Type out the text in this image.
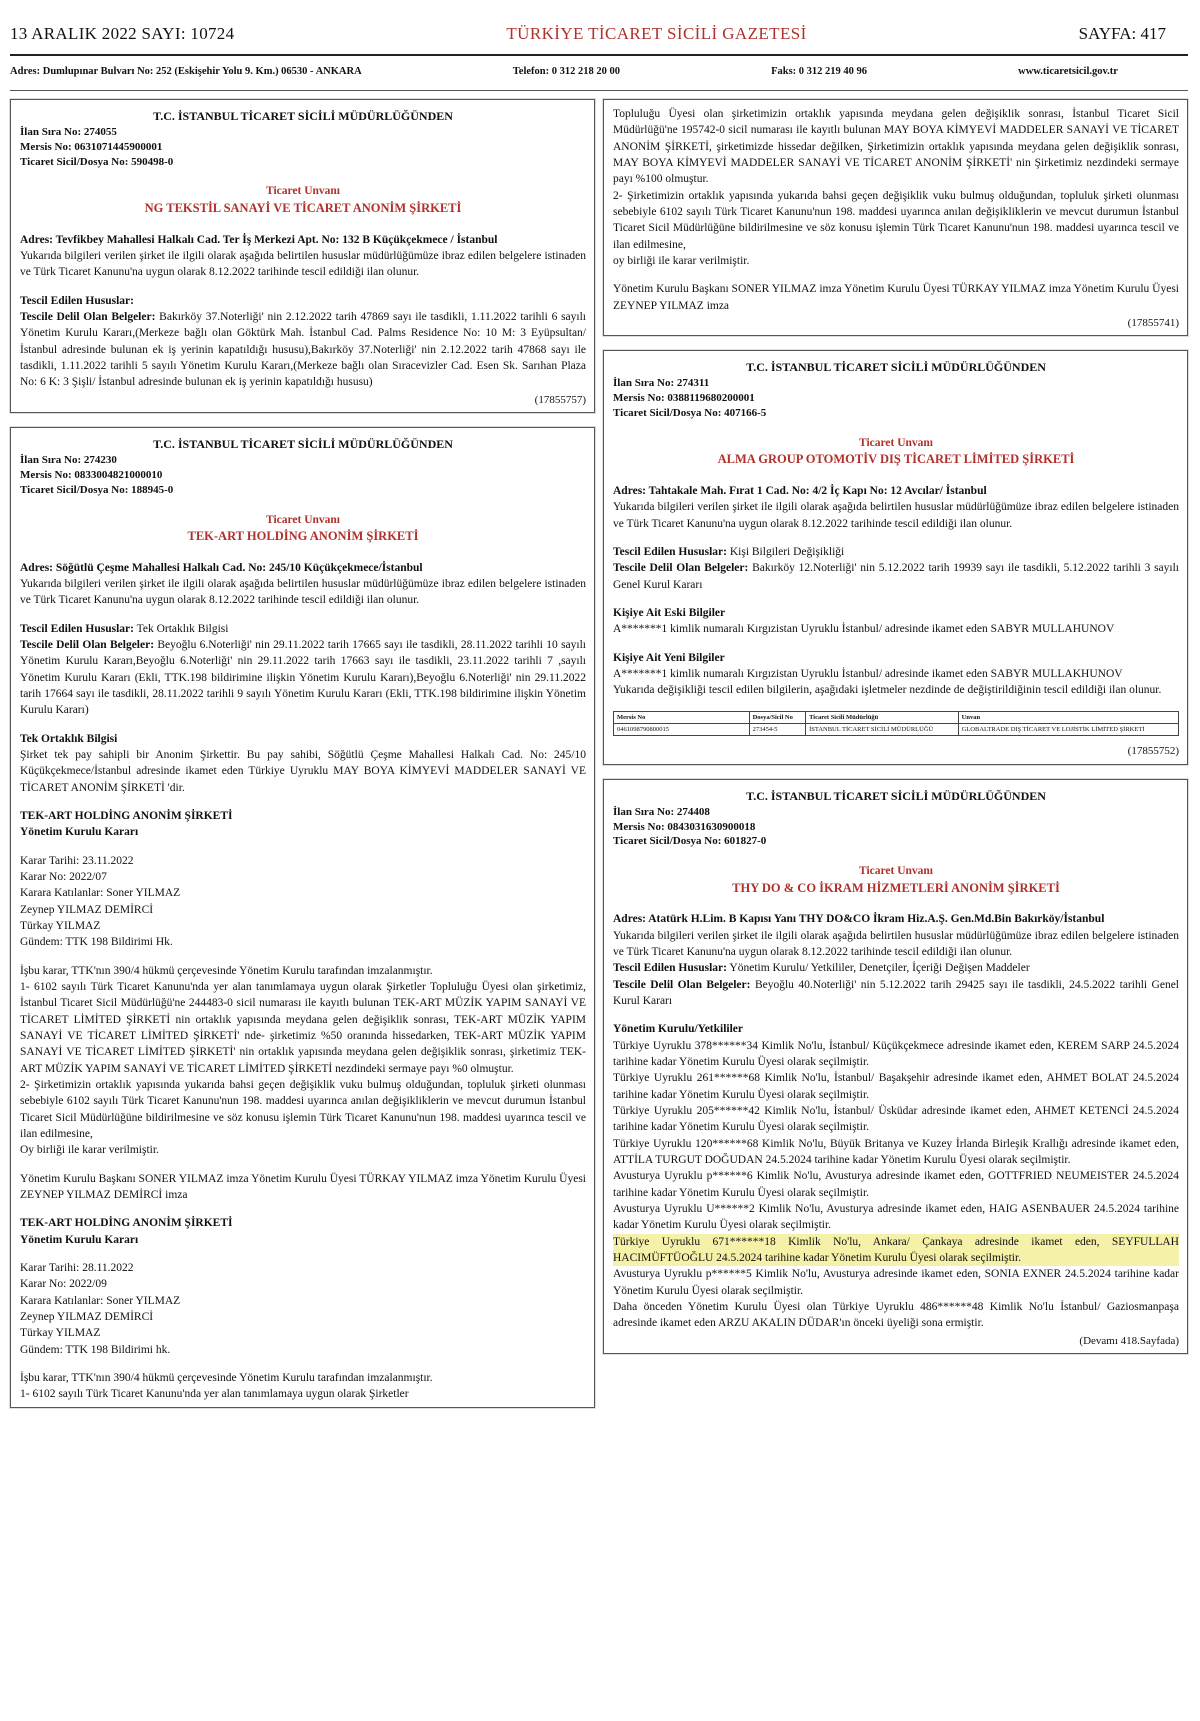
13 ARALIK 2022 SAYI: 10724	TÜRKİYE TİCARET SİCİLİ GAZETESİ	SAYFA: 417
Adres: Dumlupınar Bulvarı No: 252 (Eskişehir Yolu 9. Km.) 06530 - ANKARA	Telefon: 0 312 218 20 00	Faks: 0 312 219 40 96	www.ticaretsicil.gov.tr
T.C. İSTANBUL TİCARET SİCİLİ MÜDÜRLÜĞÜNDEN
İlan Sıra No: 274055
Mersis No: 0631071445900001
Ticaret Sicil/Dosya No: 590498-0
Ticaret Unvanı
NG TEKSTİL SANAYİ VE TİCARET ANONİM ŞİRKETİ
Adres: Tevfikbey Mahallesi Halkalı Cad. Ter İş Merkezi Apt. No: 132 B Küçükçekmece / İstanbul
Yukarıda bilgileri verilen şirket ile ilgili olarak aşağıda belirtilen hususlar müdürlüğümüze ibraz edilen belgelere istinaden ve Türk Ticaret Kanunu'na uygun olarak 8.12.2022 tarihinde tescil edildiği ilan olunur.
Tescil Edilen Hususlar:
Tescile Delil Olan Belgeler: Bakırköy 37.Noterliği' nin 2.12.2022 tarih 47869 sayı ile tasdikli, 1.11.2022 tarihli 6 sayılı Yönetim Kurulu Kararı,(Merkeze bağlı olan Göktürk Mah. İstanbul Cad. Palms Residence No: 10 M: 3 Eyüpsultan/ İstanbul adresinde bulunan ek iş yerinin kapatıldığı hususu),Bakırköy 37.Noterliği' nin 2.12.2022 tarih 47868 sayı ile tasdikli, 1.11.2022 tarihli 5 sayılı Yönetim Kurulu Kararı,(Merkeze bağlı olan Sıracevizler Cad. Esen Sk. Sarıhan Plaza No: 6 K: 3 Şişli/ İstanbul adresinde bulunan ek iş yerinin kapatıldığı hususu)
(17855757)
T.C. İSTANBUL TİCARET SİCİLİ MÜDÜRLÜĞÜNDEN
İlan Sıra No: 274230
Mersis No: 0833004821000010
Ticaret Sicil/Dosya No: 188945-0
Ticaret Unvanı
TEK-ART HOLDİNG ANONİM ŞİRKETİ
Adres: Söğütlü Çeşme Mahallesi Halkalı Cad. No: 245/10 Küçükçekmece/İstanbul
Yukarıda bilgileri verilen şirket ile ilgili olarak aşağıda belirtilen hususlar müdürlüğümüze ibraz edilen belgelere istinaden ve Türk Ticaret Kanunu'na uygun olarak 8.12.2022 tarihinde tescil edildiği ilan olunur.
Tescil Edilen Hususlar: Tek Ortaklık Bilgisi
Tescile Delil Olan Belgeler: Beyoğlu 6.Noterliği' nin 29.11.2022 tarih 17665 sayı ile tasdikli, 28.11.2022 tarihli 10 sayılı Yönetim Kurulu Kararı,Beyoğlu 6.Noterliği' nin 29.11.2022 tarih 17663 sayı ile tasdikli, 23.11.2022 tarihli 7 ,sayılı Yönetim Kurulu Kararı (Ekli, TTK.198 bildirimine ilişkin Yönetim Kurulu Kararı),Beyoğlu 6.Noterliği' nin 29.11.2022 tarih 17664 sayı ile tasdikli, 28.11.2022 tarihli 9 sayılı Yönetim Kurulu Kararı (Ekli, TTK.198 bildirimine ilişkin Yönetim Kurulu Kararı)
Tek Ortaklık Bilgisi
Şirket tek pay sahipli bir Anonim Şirkettir. Bu pay sahibi, Söğütlü Çeşme Mahallesi Halkalı Cad. No: 245/10 Küçükçekmece/İstanbul adresinde ikamet eden Türkiye Uyruklu MAY BOYA KİMYEVİ MADDELER SANAYİ VE TİCARET ANONİM ŞİRKETİ 'dir.
TEK-ART HOLDİNG ANONİM ŞİRKETİ
Yönetim Kurulu Kararı
Karar Tarihi: 23.11.2022
Karar No: 2022/07
Karara Katılanlar: Soner YILMAZ
Zeynep YILMAZ DEMİRCİ
Türkay YILMAZ
Gündem: TTK 198 Bildirimi Hk.
İşbu karar, TTK'nın 390/4 hükmü çerçevesinde Yönetim Kurulu tarafından imzalanmıştır.
1- 6102 sayılı Türk Ticaret Kanunu'nda yer alan tanımlamaya uygun olarak Şirketler Topluluğu Üyesi olan şirketimiz, İstanbul Ticaret Sicil Müdürlüğü'ne 244483-0 sicil numarası ile kayıtlı bulunan TEK-ART MÜZİK YAPIM SANAYİ VE TİCARET LİMİTED ŞİRKETİ nin ortaklık yapısında meydana gelen değişiklik sonrası, TEK-ART MÜZİK YAPIM SANAYİ VE TİCARET LİMİTED ŞİRKETİ' nde- şirketimiz %50 oranında hissedarken, TEK-ART MÜZİK YAPIM SANAYİ VE TİCARET LİMİTED ŞİRKETİ' nin ortaklık yapısında meydana gelen değişiklik sonrası, şirketimiz TEK-ART MÜZİK YAPIM SANAYİ VE TİCARET LİMİTED ŞİRKETİ nezdindeki sermaye payı %0 olmuştur.
2- Şirketimizin ortaklık yapısında yukarıda bahsi geçen değişiklik vuku bulmuş olduğundan, topluluk şirketi olunması sebebiyle 6102 sayılı Türk Ticaret Kanunu'nun 198. maddesi uyarınca anılan değişikliklerin ve mevcut durumun İstanbul Ticaret Sicil Müdürlüğüne bildirilmesine ve söz konusu işlemin Türk Ticaret Kanunu'nun 198. maddesi uyarınca tescil ve ilan edilmesine,
Oy birliği ile karar verilmiştir.
Yönetim Kurulu Başkanı SONER YILMAZ imza Yönetim Kurulu Üyesi TÜRKAY YILMAZ imza Yönetim Kurulu Üyesi ZEYNEP YILMAZ DEMİRCİ imza
TEK-ART HOLDİNG ANONİM ŞİRKETİ
Yönetim Kurulu Kararı
Karar Tarihi: 28.11.2022
Karar No: 2022/09
Karara Katılanlar: Soner YILMAZ
Zeynep YILMAZ DEMİRCİ
Türkay YILMAZ
Gündem: TTK 198 Bildirimi hk.
İşbu karar, TTK'nın 390/4 hükmü çerçevesinde Yönetim Kurulu tarafından imzalanmıştır.
1- 6102 sayılı Türk Ticaret Kanunu'nda yer alan tanımlamaya uygun olarak Şirketler
Topluluğu Üyesi olan şirketimizin ortaklık yapısında meydana gelen değişiklik sonrası, İstanbul Ticaret Sicil Müdürlüğü'ne 195742-0 sicil numarası ile kayıtlı bulunan MAY BOYA KİMYEVİ MADDELER SANAYİ VE TİCARET ANONİM ŞİRKETİ, şirketimizde hissedar değilken, Şirketimizin ortaklık yapısında meydana gelen değişiklik sonrası, MAY BOYA KİMYEVİ MADDELER SANAYİ VE TİCARET ANONİM ŞİRKETİ' nin Şirketimiz nezdindeki sermaye payı %100 olmuştur.
2- Şirketimizin ortaklık yapısında yukarıda bahsi geçen değişiklik vuku bulmuş olduğundan, topluluk şirketi olunması sebebiyle 6102 sayılı Türk Ticaret Kanunu'nun 198. maddesi uyarınca anılan değişikliklerin ve mevcut durumun İstanbul Ticaret Sicil Müdürlüğüne bildirilmesine ve söz konusu işlemin Türk Ticaret Kanunu'nun 198. maddesi uyarınca tescil ve ilan edilmesine,
oy birliği ile karar verilmiştir.
Yönetim Kurulu Başkanı SONER YILMAZ imza Yönetim Kurulu Üyesi TÜRKAY YILMAZ imza Yönetim Kurulu Üyesi ZEYNEP YILMAZ imza
(17855741)
T.C. İSTANBUL TİCARET SİCİLİ MÜDÜRLÜĞÜNDEN
İlan Sıra No: 274311
Mersis No: 0388119680200001
Ticaret Sicil/Dosya No: 407166-5
Ticaret Unvanı
ALMA GROUP OTOMOTİV DIŞ TİCARET LİMİTED ŞİRKETİ
Adres: Tahtakale Mah. Fırat 1 Cad. No: 4/2 İç Kapı No: 12 Avcılar/ İstanbul
Yukarıda bilgileri verilen şirket ile ilgili olarak aşağıda belirtilen hususlar müdürlüğümüze ibraz edilen belgelere istinaden ve Türk Ticaret Kanunu'na uygun olarak 8.12.2022 tarihinde tescil edildiği ilan olunur.
Tescil Edilen Hususlar: Kişi Bilgileri Değişikliği
Tescile Delil Olan Belgeler: Bakırköy 12.Noterliği' nin 5.12.2022 tarih 19939 sayı ile tasdikli, 5.12.2022 tarihli 3 sayılı Genel Kurul Kararı
Kişiye Ait Eski Bilgiler
A*******1 kimlik numaralı Kırgızistan Uyruklu İstanbul/ adresinde ikamet eden SABYR MULLAHUNOV
Kişiye Ait Yeni Bilgiler
A*******1 kimlik numaralı Kırgızistan Uyruklu İstanbul/ adresinde ikamet eden SABYR MULLAKHUNOV
Yukarıda değişikliği tescil edilen bilgilerin, aşağıdaki işletmeler nezdinde de değiştirildiğinin tescil edildiği ilan olunur.
Mersis No	Dosya/Sicil No	Ticaret Sicili Müdürlüğü	Unvan
0461098790800015	273454-5	İSTANBUL TİCARET SİCİLİ MÜDÜRLÜĞÜ	GLOBALTRADE DIŞ TİCARET VE LOJİSTİK LİMİTED ŞİRKETİ
(17855752)
T.C. İSTANBUL TİCARET SİCİLİ MÜDÜRLÜĞÜNDEN
İlan Sıra No: 274408
Mersis No: 0843031630900018
Ticaret Sicil/Dosya No: 601827-0
Ticaret Unvanı
THY DO & CO İKRAM HİZMETLERİ ANONİM ŞİRKETİ
Adres: Atatürk H.Lim. B Kapısı Yanı THY DO&CO İkram Hiz.A.Ş. Gen.Md.Bin Bakırköy/İstanbul
Yukarıda bilgileri verilen şirket ile ilgili olarak aşağıda belirtilen hususlar müdürlüğümüze ibraz edilen belgelere istinaden ve Türk Ticaret Kanunu'na uygun olarak 8.12.2022 tarihinde tescil edildiği ilan olunur.
Tescil Edilen Hususlar: Yönetim Kurulu/ Yetkililer, Denetçiler, İçeriği Değişen Maddeler
Tescile Delil Olan Belgeler: Beyoğlu 40.Noterliği' nin 5.12.2022 tarih 29425 sayı ile tasdikli, 24.5.2022 tarihli Genel Kurul Kararı
Yönetim Kurulu/Yetkililer
Türkiye Uyruklu 378******34 Kimlik No'lu, İstanbul/ Küçükçekmece adresinde ikamet eden, KEREM SARP 24.5.2024 tarihine kadar Yönetim Kurulu Üyesi olarak seçilmiştir.
Türkiye Uyruklu 261******68 Kimlik No'lu, İstanbul/ Başakşehir adresinde ikamet eden, AHMET BOLAT 24.5.2024 tarihine kadar Yönetim Kurulu Üyesi olarak seçilmiştir.
Türkiye Uyruklu 205******42 Kimlik No'lu, İstanbul/ Üsküdar adresinde ikamet eden, AHMET KETENCİ 24.5.2024 tarihine kadar Yönetim Kurulu Üyesi olarak seçilmiştir.
Türkiye Uyruklu 120******68 Kimlik No'lu, Büyük Britanya ve Kuzey İrlanda Birleşik Krallığı adresinde ikamet eden, ATTİLA TURGUT DOĞUDAN 24.5.2024 tarihine kadar Yönetim Kurulu Üyesi olarak seçilmiştir.
Avusturya Uyruklu p******6 Kimlik No'lu, Avusturya adresinde ikamet eden, GOTTFRIED NEUMEISTER 24.5.2024 tarihine kadar Yönetim Kurulu Üyesi olarak seçilmiştir.
Avusturya Uyruklu U******2 Kimlik No'lu, Avusturya adresinde ikamet eden, HAIG ASENBAUER 24.5.2024 tarihine kadar Yönetim Kurulu Üyesi olarak seçilmiştir.
Türkiye Uyruklu 671******18 Kimlik No'lu, Ankara/ Çankaya adresinde ikamet eden, SEYFULLAH HACIMÜFTÜOĞLU 24.5.2024 tarihine kadar Yönetim Kurulu Üyesi olarak seçilmiştir.
Avusturya Uyruklu p******5 Kimlik No'lu, Avusturya adresinde ikamet eden, SONIA EXNER 24.5.2024 tarihine kadar Yönetim Kurulu Üyesi olarak seçilmiştir.
Daha önceden Yönetim Kurulu Üyesi olan Türkiye Uyruklu 486******48 Kimlik No'lu İstanbul/ Gaziosmanpaşa adresinde ikamet eden ARZU AKALIN DÜDAR'ın önceki üyeliği sona ermiştir.
(Devamı 418.Sayfada)
